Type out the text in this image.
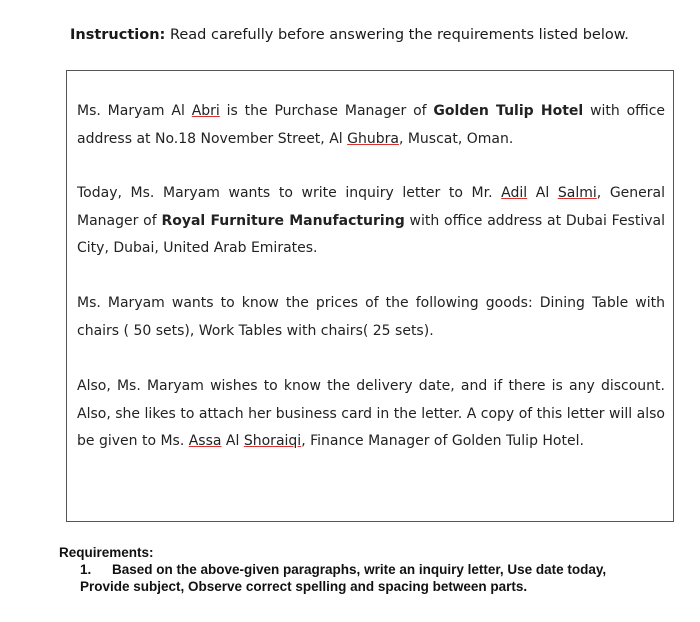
Instruction: Read carefully before answering the requirements listed below.
Ms. Maryam Al Abri is the Purchase Manager of Golden Tulip Hotel with office address at No.18 November Street, Al Ghubra, Muscat, Oman.
Today, Ms. Maryam wants to write inquiry letter to Mr. Adil Al Salmi, General Manager of Royal Furniture Manufacturing with office address at Dubai Festival City, Dubai, United Arab Emirates.
Ms. Maryam wants to know the prices of the following goods: Dining Table with chairs ( 50 sets), Work Tables with chairs( 25 sets).
Also, Ms. Maryam wishes to know the delivery date, and if there is any discount. Also, she likes to attach her business card in the letter. A copy of this letter will also be given to Ms. Assa Al Shoraiqi, Finance Manager of Golden Tulip Hotel.
Requirements:
1. Based on the above-given paragraphs, write an inquiry letter, Use date today,
Provide subject, Observe correct spelling and spacing between parts.
